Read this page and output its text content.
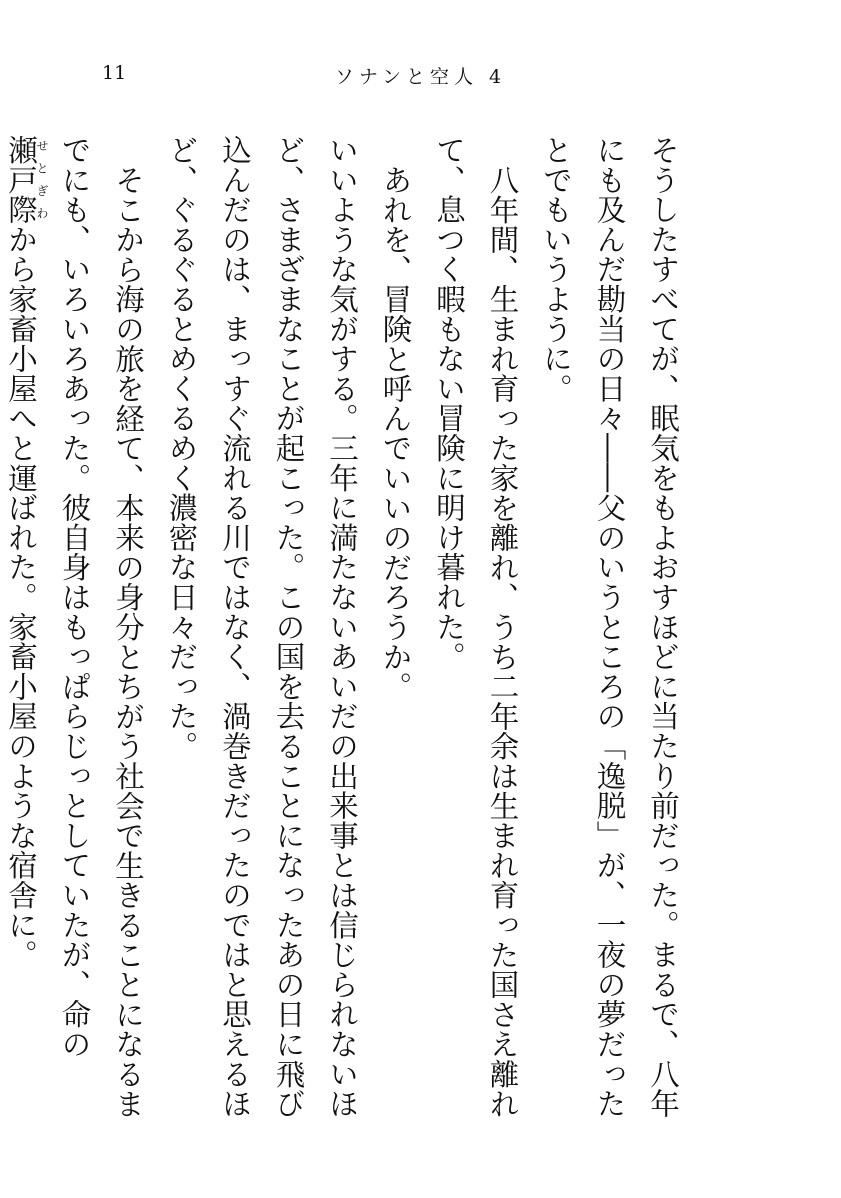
11	ソナンと空人 4

そうしたすべてが、眠気をもよおすほどに当たり前だった。まるで、八年にも及んだ勘当の日々――父のいうところの「逸脱」が、一夜の夢だったとでもいうように。

八年間、生まれ育った家を離れ、うち二年余は生まれ育った国さえ離れて、息つく暇もない冒険に明け暮れた。

あれを、冒険と呼んでいいのだろうか。

いいような気がする。三年に満たないあいだの出来事とは信じられないほど、さまざまなことが起こった。この国を去ることになったあの日に飛び込んだのは、まっすぐ流れる川ではなく、渦巻きだったのではと思えるほど、ぐるぐるとめくるめく濃密な日々だった。

そこから海の旅を経て、本来の身分とちがう社会で生きることになるまでにも、いろいろあった。彼自身はもっぱらじっとしていたが、命の瀬戸際せとぎわから家畜小屋へと運ばれた。家畜小屋のような宿舎に。
